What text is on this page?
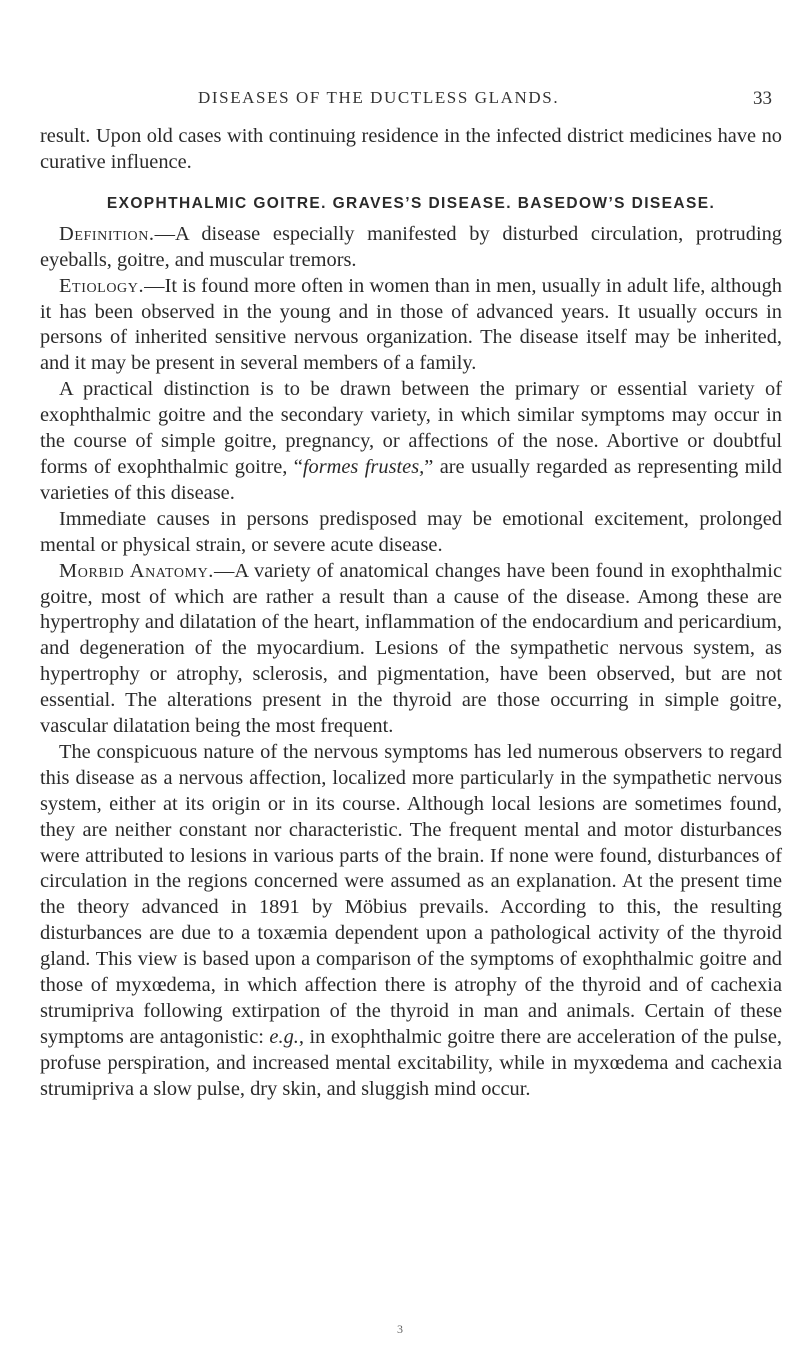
DISEASES OF THE DUCTLESS GLANDS.	33

result. Upon old cases with continuing residence in the infected district medicines have no curative influence.

EXOPHTHALMIC GOITRE. GRAVES’S DISEASE. BASEDOW’S DISEASE.

Definition.—A disease especially manifested by disturbed circulation, protruding eyeballs, goitre, and muscular tremors.

Etiology.—It is found more often in women than in men, usually in adult life, although it has been observed in the young and in those of advanced years. It usually occurs in persons of inherited sensitive nervous organization. The disease itself may be inherited, and it may be present in several members of a family.

A practical distinction is to be drawn between the primary or essential variety of exophthalmic goitre and the secondary variety, in which similar symptoms may occur in the course of simple goitre, pregnancy, or affections of the nose. Abortive or doubtful forms of exophthalmic goitre, “formes frustes,” are usually regarded as representing mild varieties of this disease.

Immediate causes in persons predisposed may be emotional excitement, prolonged mental or physical strain, or severe acute disease.

Morbid Anatomy.—A variety of anatomical changes have been found in exophthalmic goitre, most of which are rather a result than a cause of the disease. Among these are hypertrophy and dilatation of the heart, inflammation of the endocardium and pericardium, and degeneration of the myocardium. Lesions of the sympathetic nervous system, as hypertrophy or atrophy, sclerosis, and pigmentation, have been observed, but are not essential. The alterations present in the thyroid are those occurring in simple goitre, vascular dilatation being the most frequent.

The conspicuous nature of the nervous symptoms has led numerous observers to regard this disease as a nervous affection, localized more particularly in the sympathetic nervous system, either at its origin or in its course. Although local lesions are sometimes found, they are neither constant nor characteristic. The frequent mental and motor disturbances were attributed to lesions in various parts of the brain. If none were found, disturbances of circulation in the regions concerned were assumed as an explanation. At the present time the theory advanced in 1891 by Möbius prevails. According to this, the resulting disturbances are due to a toxæmia dependent upon a pathological activity of the thyroid gland. This view is based upon a comparison of the symptoms of exophthalmic goitre and those of myxœdema, in which affection there is atrophy of the thyroid and of cachexia strumipriva following extirpation of the thyroid in man and animals. Certain of these symptoms are antagonistic: e.g., in exophthalmic goitre there are acceleration of the pulse, profuse perspiration, and increased mental excitability, while in myxœdema and cachexia strumipriva a slow pulse, dry skin, and sluggish mind occur.

3
